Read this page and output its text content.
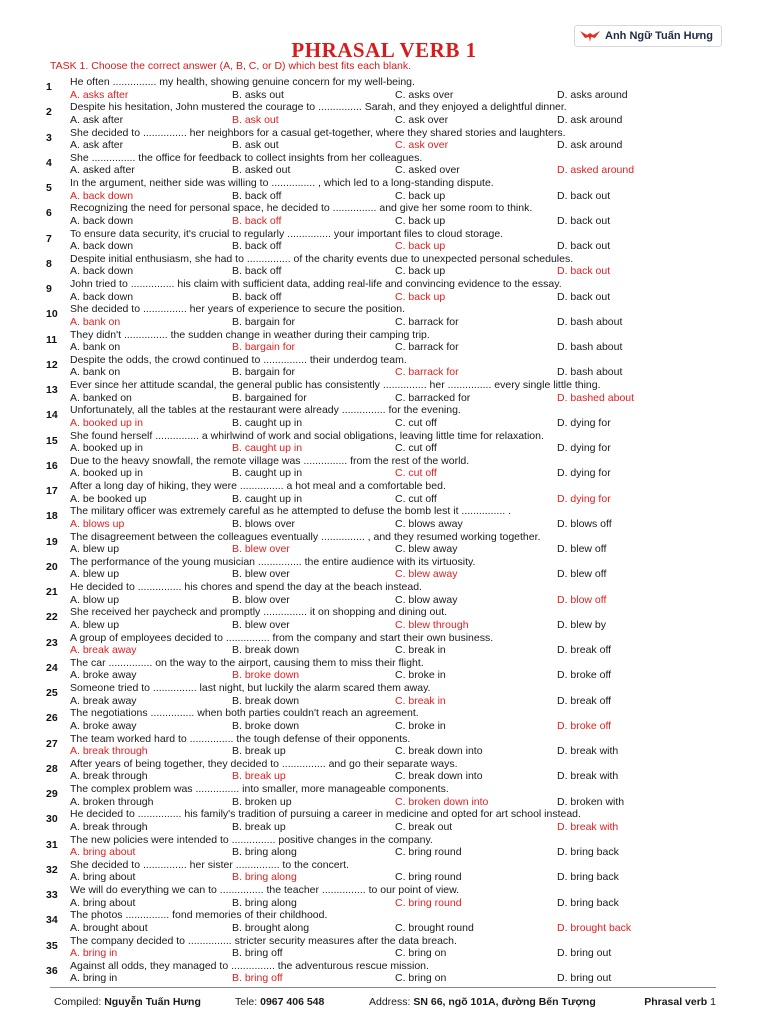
Anh Ngữ Tuấn Hưng
PHRASAL VERB 1
TASK 1. Choose the correct answer (A, B, C, or D) which best fits each blank.
1 He often ............... my health, showing genuine concern for my well-being.
A. asks after	B. asks out	C. asks over	D. asks around
2 Despite his hesitation, John mustered the courage to ............... Sarah, and they enjoyed a delightful dinner.
A. ask after	B. ask out	C. ask over	D. ask around
3 She decided to ............... her neighbors for a casual get-together, where they shared stories and laughters.
A. ask after	B. ask out	C. ask over	D. ask around
4 She ............... the office for feedback to collect insights from her colleagues.
A. asked after	B. asked out	C. asked over	D. asked around
5 In the argument, neither side was willing to ............... , which led to a long-standing dispute.
A. back down	B. back off	C. back up	D. back out
6 Recognizing the need for personal space, he decided to ............... and give her some room to think.
A. back down	B. back off	C. back up	D. back out
7 To ensure data security, it's crucial to regularly ............... your important files to cloud storage.
A. back down	B. back off	C. back up	D. back out
8 Despite initial enthusiasm, she had to ............... of the charity events due to unexpected personal schedules.
A. back down	B. back off	C. back up	D. back out
9 John tried to ............... his claim with sufficient data, adding real-life and convincing evidence to the essay.
A. back down	B. back off	C. back up	D. back out
10 She decided to ............... her years of experience to secure the position.
A. bank on	B. bargain for	C. barrack for	D. bash about
11 They didn't ............... the sudden change in weather during their camping trip.
A. bank on	B. bargain for	C. barrack for	D. bash about
12 Despite the odds, the crowd continued to ............... their underdog team.
A. bank on	B. bargain for	C. barrack for	D. bash about
13 Ever since her attitude scandal, the general public has consistently ............... her ............... every single little thing.
A. banked on	B. bargained for	C. barracked for	D. bashed about
14 Unfortunately, all the tables at the restaurant were already ............... for the evening.
A. booked up in	B. caught up in	C. cut off	D. dying for
15 She found herself ............... a whirlwind of work and social obligations, leaving little time for relaxation.
A. booked up in	B. caught up in	C. cut off	D. dying for
16 Due to the heavy snowfall, the remote village was ............... from the rest of the world.
A. booked up in	B. caught up in	C. cut off	D. dying for
17 After a long day of hiking, they were ............... a hot meal and a comfortable bed.
A. be booked up	B. caught up in	C. cut off	D. dying for
18 The military officer was extremely careful as he attempted to defuse the bomb lest it ............... .
A. blows up	B. blows over	C. blows away	D. blows off
19 The disagreement between the colleagues eventually ............... , and they resumed working together.
A. blew up	B. blew over	C. blew away	D. blew off
20 The performance of the young musician ............... the entire audience with its virtuosity.
A. blew up	B. blew over	C. blew away	D. blew off
21 He decided to ............... his chores and spend the day at the beach instead.
A. blow up	B. blow over	C. blow away	D. blow off
22 She received her paycheck and promptly ............... it on shopping and dining out.
A. blew up	B. blew over	C. blew through	D. blew by
23 A group of employees decided to ............... from the company and start their own business.
A. break away	B. break down	C. break in	D. break off
24 The car ............... on the way to the airport, causing them to miss their flight.
A. broke away	B. broke down	C. broke in	D. broke off
25 Someone tried to ............... last night, but luckily the alarm scared them away.
A. break away	B. break down	C. break in	D. break off
26 The negotiations ............... when both parties couldn't reach an agreement.
A. broke away	B. broke down	C. broke in	D. broke off
27 The team worked hard to ............... the tough defense of their opponents.
A. break through	B. break up	C. break down into	D. break with
28 After years of being together, they decided to ............... and go their separate ways.
A. break through	B. break up	C. break down into	D. break with
29 The complex problem was ............... into smaller, more manageable components.
A. broken through	B. broken up	C. broken down into	D. broken with
30 He decided to ............... his family's tradition of pursuing a career in medicine and opted for art school instead.
A. break through	B. break up	C. break out	D. break with
31 The new policies were intended to ............... positive changes in the company.
A. bring about	B. bring along	C. bring round	D. bring back
32 She decided to ............... her sister ............... to the concert.
A. bring about	B. bring along	C. bring round	D. bring back
33 We will do everything we can to ............... the teacher ............... to our point of view.
A. bring about	B. bring along	C. bring round	D. bring back
34 The photos ............... fond memories of their childhood.
A. brought about	B. brought along	C. brought round	D. brought back
35 The company decided to ............... stricter security measures after the data breach.
A. bring in	B. bring off	C. bring on	D. bring out
36 Against all odds, they managed to ............... the adventurous rescue mission.
A. bring in	B. bring off	C. bring on	D. bring out
Compiled: Nguyễn Tuấn Hưng	Tele: 0967 406 548	Address: SN 66, ngõ 101A, đường Bến Tượng	Phrasal verb 1
